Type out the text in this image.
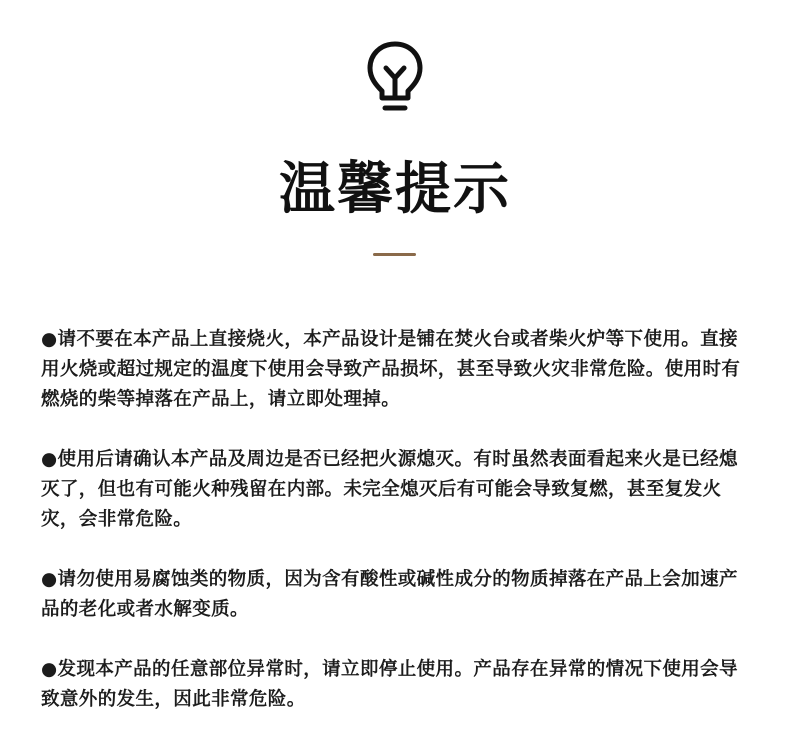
温馨提示

●请不要在本产品上直接烧火，本产品设计是铺在焚火台或者柴火炉等下使用。直接用火烧或超过规定的温度下使用会导致产品损坏，甚至导致火灾非常危险。使用时有燃烧的柴等掉落在产品上，请立即处理掉。

●使用后请确认本产品及周边是否已经把火源熄灭。有时虽然表面看起来火是已经熄灭了，但也有可能火种残留在内部。未完全熄灭后有可能会导致复燃，甚至复发火灾，会非常危险。

●请勿使用易腐蚀类的物质，因为含有酸性或碱性成分的物质掉落在产品上会加速产品的老化或者水解变质。

●发现本产品的任意部位异常时，请立即停止使用。产品存在异常的情况下使用会导致意外的发生，因此非常危险。
